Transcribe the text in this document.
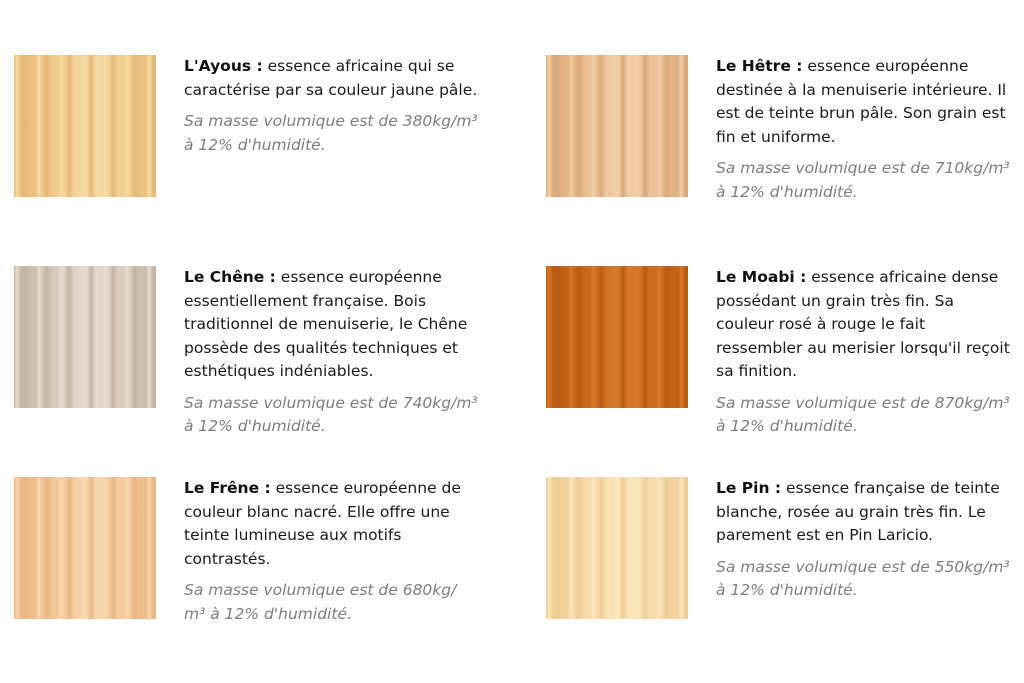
L'Ayous : essence africaine qui se caractérise par sa couleur jaune pâle.

Sa masse volumique est de 380kg/m³ à 12% d'humidité.

Le Hêtre : essence européenne destinée à la menuiserie intérieure. Il est de teinte brun pâle. Son grain est fin et uniforme.

Sa masse volumique est de 710kg/m³ à 12% d'humidité.

Le Chêne : essence européenne essentiellement française. Bois traditionnel de menuiserie, le Chêne possède des qualités techniques et esthétiques indéniables.

Sa masse volumique est de 740kg/m³ à 12% d'humidité.

Le Moabi : essence africaine dense possédant un grain très fin. Sa couleur rosé à rouge le fait ressembler au merisier lorsqu'il reçoit sa finition.

Sa masse volumique est de 870kg/m³ à 12% d'humidité.

Le Frêne : essence européenne de couleur blanc nacré. Elle offre une teinte lumineuse aux motifs contrastés.

Sa masse volumique est de 680kg/ m³ à 12% d'humidité.

Le Pin : essence française de teinte blanche, rosée au grain très fin. Le parement est en Pin Laricio.

Sa masse volumique est de 550kg/m³ à 12% d'humidité.
